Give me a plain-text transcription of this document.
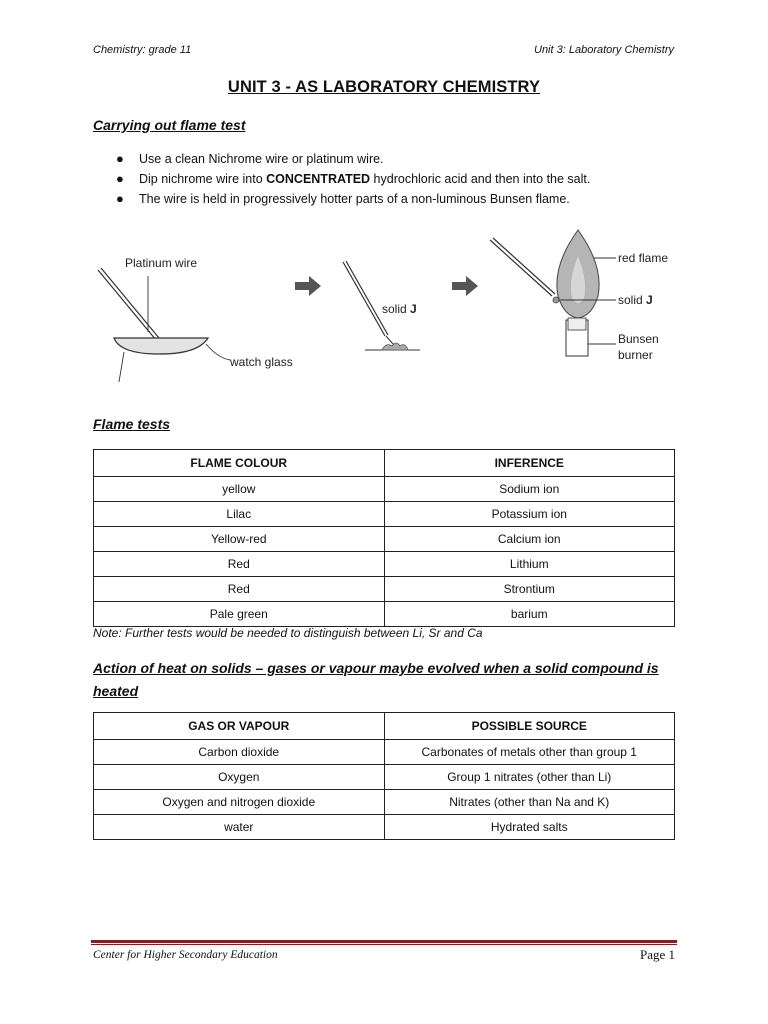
Chemistry: grade 11	Unit 3: Laboratory Chemistry
UNIT 3 - AS LABORATORY CHEMISTRY
Carrying out flame test
● Use a clean Nichrome wire or platinum wire.
● Dip nichrome wire into CONCENTRATED hydrochloric acid and then into the salt.
● The wire is held in progressively hotter parts of a non-luminous Bunsen flame.
Platinum wire
watch glass
solid J
red flame
solid J
Bunsen
burner
Flame tests
FLAME COLOUR	INFERENCE
yellow	Sodium ion
Lilac	Potassium ion
Yellow-red	Calcium ion
Red	Lithium
Red	Strontium
Pale green	barium
Note: Further tests would be needed to distinguish between Li, Sr and Ca
Action of heat on solids – gases or vapour maybe evolved when a solid compound is
heated
GAS OR VAPOUR	POSSIBLE SOURCE
Carbon dioxide	Carbonates of metals other than group 1
Oxygen	Group 1 nitrates (other than Li)
Oxygen and nitrogen dioxide	Nitrates (other than Na and K)
water	Hydrated salts
Center for Higher Secondary Education	Page 1
